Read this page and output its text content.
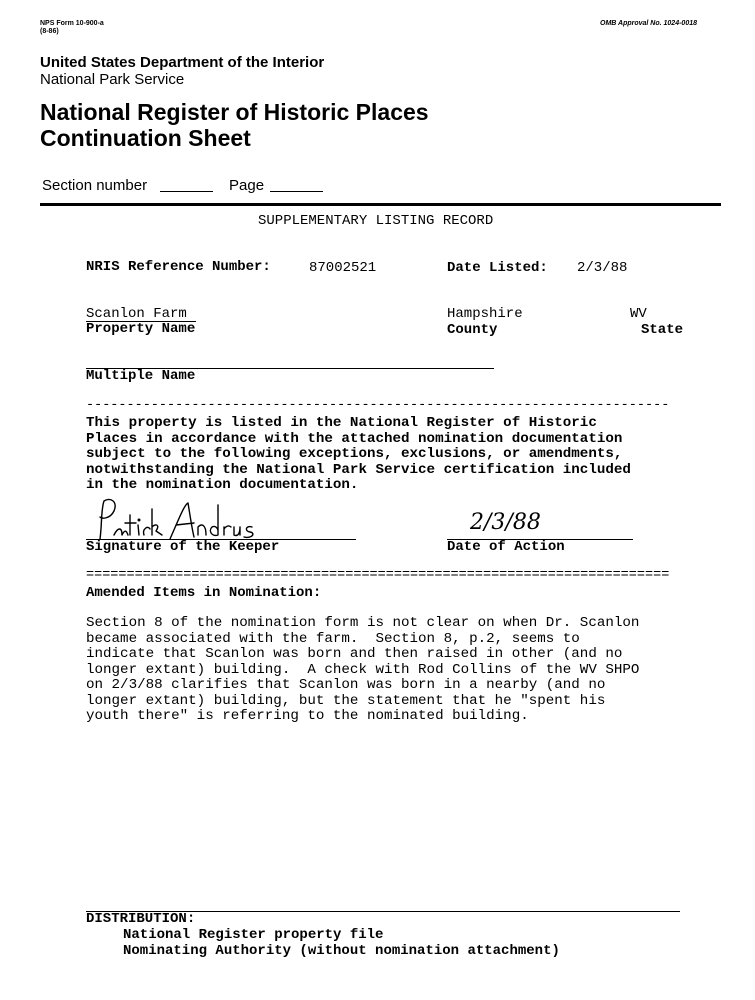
NPS Form 10-900-a
(8-86)
OMB Approval No. 1024-0018
United States Department of the Interior
National Park Service
National Register of Historic Places
Continuation Sheet
Section number	Page
SUPPLEMENTARY LISTING RECORD
NRIS Reference Number:	87002521	Date Listed: 2/3/88
Scanlon Farm
Property Name
Hampshire
County
WV
State
Multiple Name
------------------------------------------------------------------------
This property is listed in the National Register of Historic
Places in accordance with the attached nomination documentation
subject to the following exceptions, exclusions, or amendments,
notwithstanding the National Park Service certification included
in the nomination documentation.
Patrick Andrus
Signature of the Keeper
2/3/88
Date of Action
========================================================================
Amended Items in Nomination:
Section 8 of the nomination form is not clear on when Dr. Scanlon
became associated with the farm.  Section 8, p.2, seems to
indicate that Scanlon was born and then raised in other (and no
longer extant) building.  A check with Rod Collins of the WV SHPO
on 2/3/88 clarifies that Scanlon was born in a nearby (and no
longer extant) building, but the statement that he "spent his
youth there" is referring to the nominated building.
DISTRIBUTION:
National Register property file
Nominating Authority (without nomination attachment)
